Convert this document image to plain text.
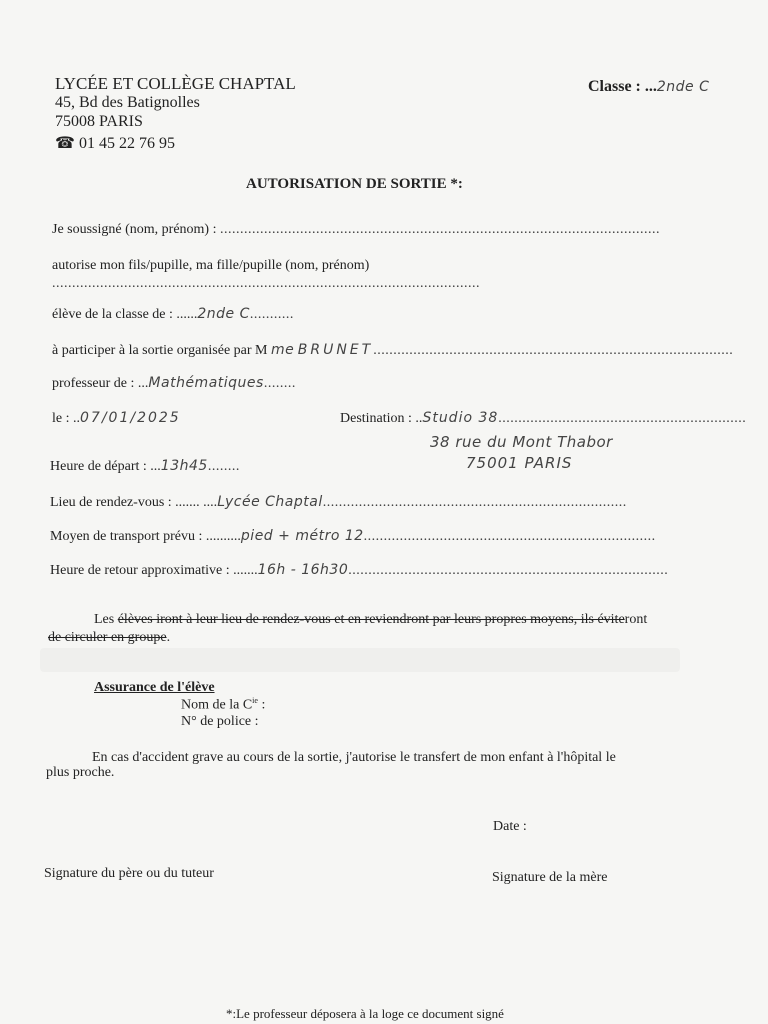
LYCÉE ET COLLÈGE CHAPTAL
45, Bd des Batignolles
75008 PARIS
☎ 01 45 22 76 95
Classe : ...2nde C
AUTORISATION DE SORTIE *:
Je soussigné (nom, prénom) : ..............................................................................................................
autorise mon fils/pupille, ma fille/pupille (nom, prénom)
...........................................................................................................
élève de la classe de : ......2nde C...........
à participer à la sortie organisée par M me BRUNET..........................................................................................
professeur de : ...Mathématiques........
le : ..07/01/2025	Destination : ..Studio 38..............................................................
38 rue du Mont Thabor
75001 PARIS
Heure de départ : ...13h45........
Lieu de rendez-vous : ....... ....Lycée Chaptal............................................................................
Moyen de transport prévu : ..........pied + métro 12.........................................................................
Heure de retour approximative : .......16h - 16h30................................................................................
Les élèves iront à leur lieu de rendez-vous et en reviendront par leurs propres moyens, ils éviteront
de circuler en groupe.
Assurance de l'élève
Nom de la $C^{ie}$ :
N° de police :
En cas d'accident grave au cours de la sortie, j'autorise le transfert de mon enfant à l'hôpital le
plus proche.
Date :
Signature du père ou du tuteur	Signature de la mère
*:Le professeur déposera à la loge ce document signé
